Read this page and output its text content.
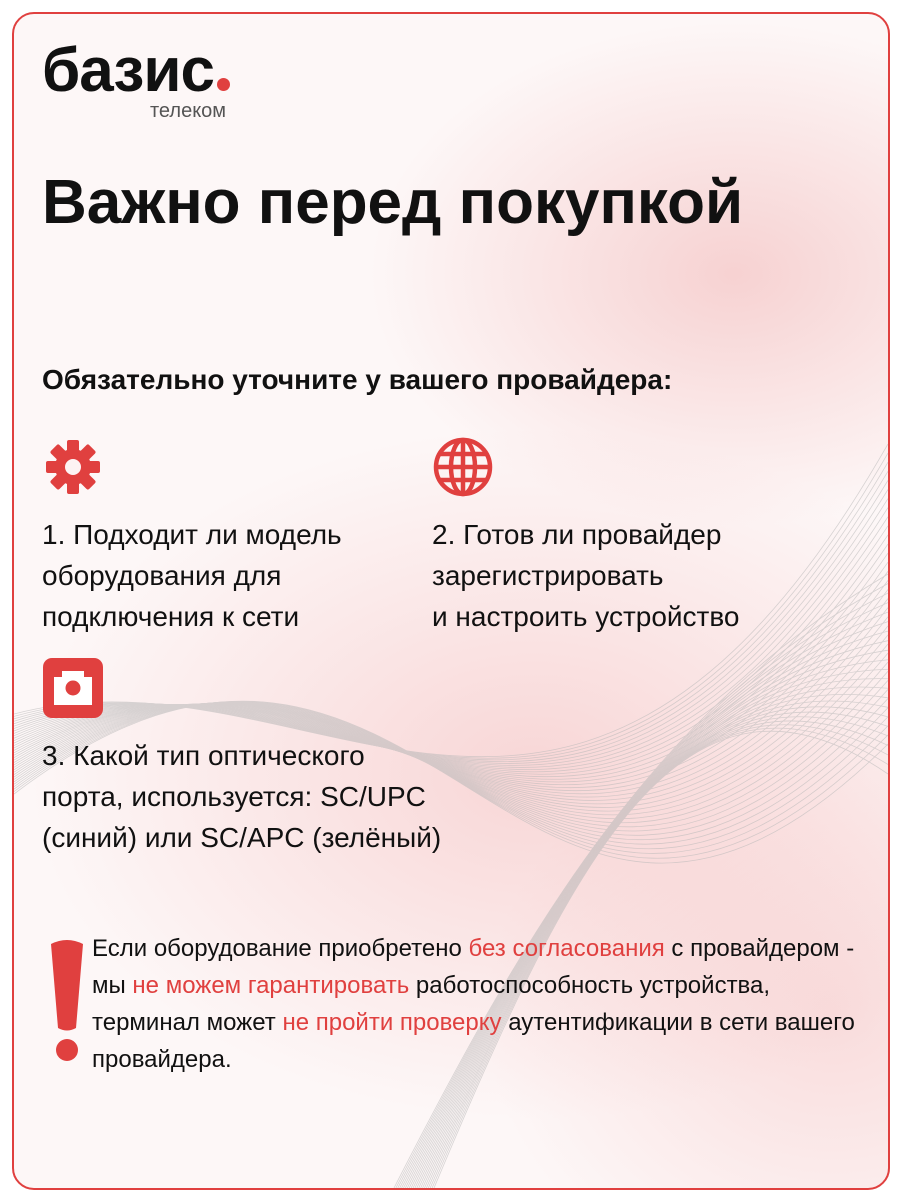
базис
телеком
Важно перед покупкой

Обязательно уточните у вашего провайдера:

1. Подходит ли модель
оборудования для
подключения к сети
2. Готов ли провайдер
зарегистрировать
и настроить устройство
3. Какой тип оптического
порта, используется: SC/UPC
(синий) или SC/APC (зелёный)

Если оборудование приобретено без согласования с провайдером - мы не можем гарантировать работоспособность устройства, терминал может не пройти проверку аутентификации в сети вашего провайдера.
